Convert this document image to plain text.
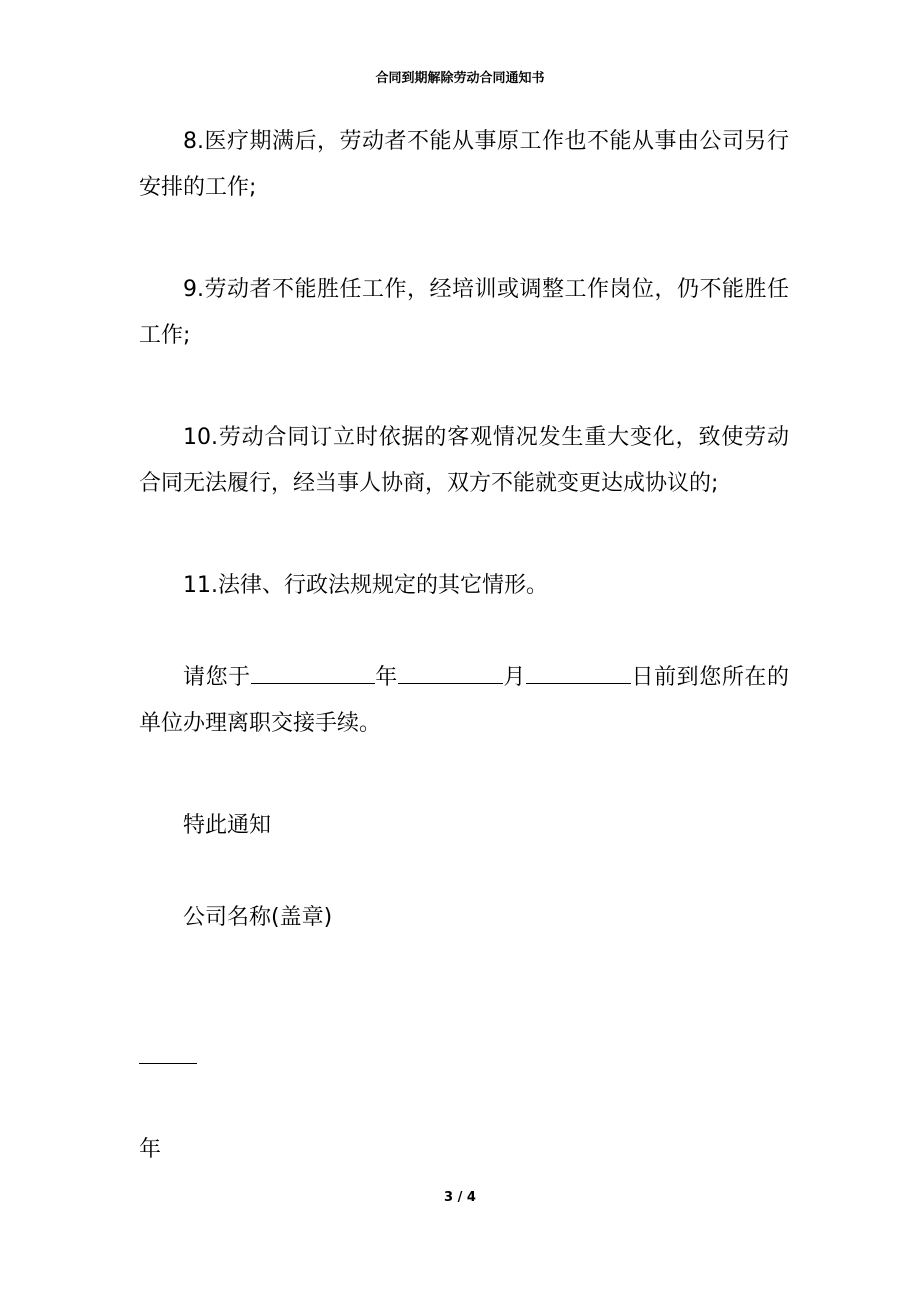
合同到期解除劳动合同通知书

8.医疗期满后，劳动者不能从事原工作也不能从事由公司另行安排的工作;

9.劳动者不能胜任工作，经培训或调整工作岗位，仍不能胜任工作;

10.劳动合同订立时依据的客观情况发生重大变化，致使劳动合同无法履行，经当事人协商，双方不能就变更达成协议的;

11.法律、行政法规规定的其它情形。

请您于	年	月	日前到您所在的单位办理离职交接手续。

特此通知

公司名称(盖章)

年
3 / 4
